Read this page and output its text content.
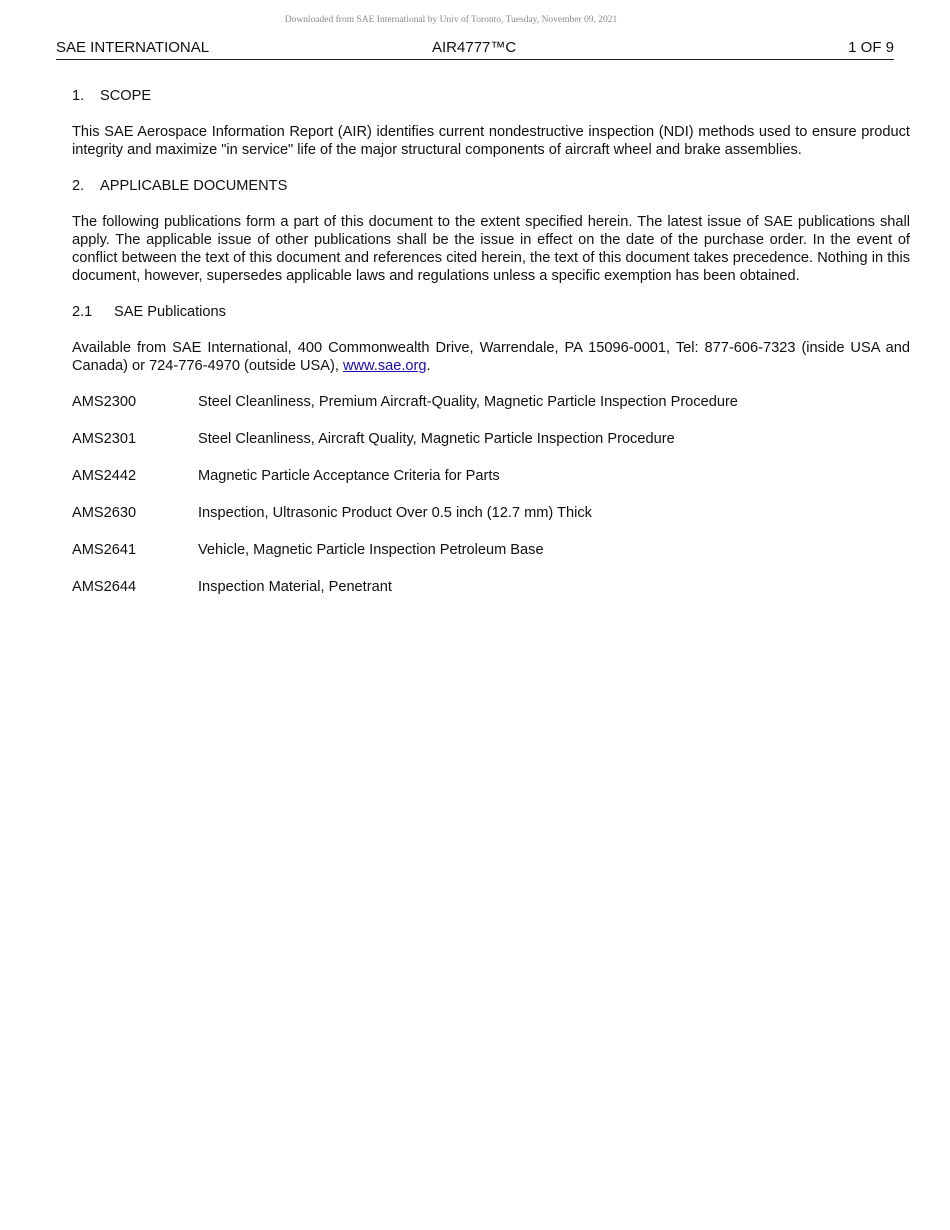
Downloaded from SAE International by Univ of Toronto, Tuesday, November 09, 2021
SAE INTERNATIONAL	AIR4777™C	1 OF 9
1. SCOPE

This SAE Aerospace Information Report (AIR) identifies current nondestructive inspection (NDI) methods used to ensure product integrity and maximize "in service" life of the major structural components of aircraft wheel and brake assemblies.

2. APPLICABLE DOCUMENTS

The following publications form a part of this document to the extent specified herein. The latest issue of SAE publications shall apply. The applicable issue of other publications shall be the issue in effect on the date of the purchase order. In the event of conflict between the text of this document and references cited herein, the text of this document takes precedence. Nothing in this document, however, supersedes applicable laws and regulations unless a specific exemption has been obtained.

2.1 SAE Publications

Available from SAE International, 400 Commonwealth Drive, Warrendale, PA 15096-0001, Tel: 877-606-7323 (inside USA and Canada) or 724-776-4970 (outside USA), www.sae.org.

AMS2300	Steel Cleanliness, Premium Aircraft-Quality, Magnetic Particle Inspection Procedure
AMS2301	Steel Cleanliness, Aircraft Quality, Magnetic Particle Inspection Procedure
AMS2442	Magnetic Particle Acceptance Criteria for Parts
AMS2630	Inspection, Ultrasonic Product Over 0.5 inch (12.7 mm) Thick
AMS2641	Vehicle, Magnetic Particle Inspection Petroleum Base
AMS2644	Inspection Material, Penetrant
